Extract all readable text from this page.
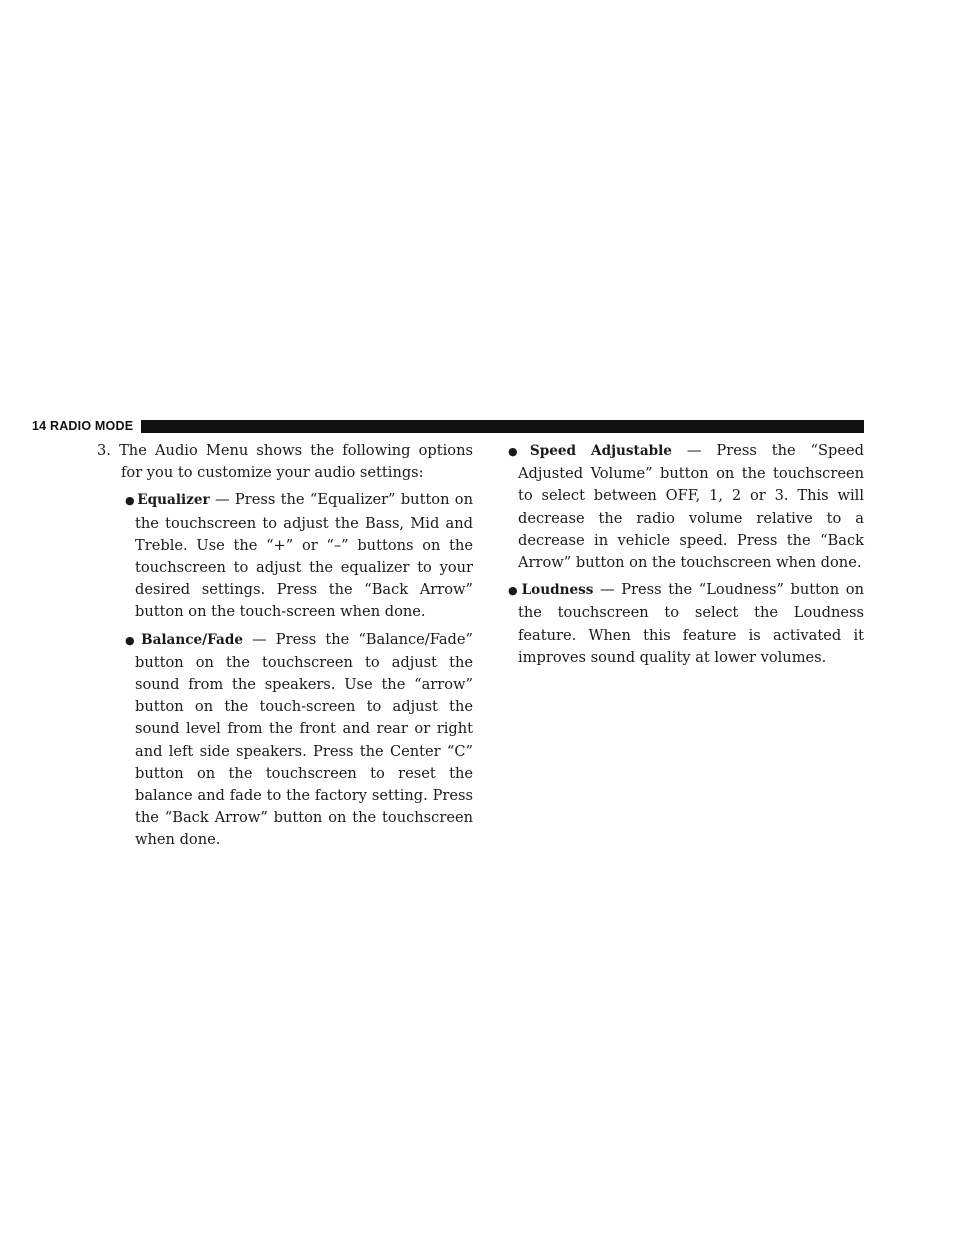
14 RADIO MODE

3. The Audio Menu shows the following options for you to customize your audio settings:

● Equalizer — Press the “Equalizer” button on the touchscreen to adjust the Bass, Mid and Treble. Use the “+” or “–” buttons on the touchscreen to adjust the equalizer to your desired settings. Press the “Back Arrow” button on the touch-screen when done.
● Balance/Fade — Press the “Balance/Fade” button on the touchscreen to adjust the sound from the speakers. Use the “arrow” button on the touch-screen to adjust the sound level from the front and rear or right and left side speakers. Press the Center “C” button on the touchscreen to reset the balance and fade to the factory setting. Press the “Back Arrow” button on the touchscreen when done.
● Speed Adjustable — Press the “Speed Adjusted Volume” button on the touchscreen to select between OFF, 1, 2 or 3. This will decrease the radio volume relative to a decrease in vehicle speed. Press the “Back Arrow” button on the touchscreen when done.
● Loudness — Press the “Loudness” button on the touchscreen to select the Loudness feature. When this feature is activated it improves sound quality at lower volumes.
